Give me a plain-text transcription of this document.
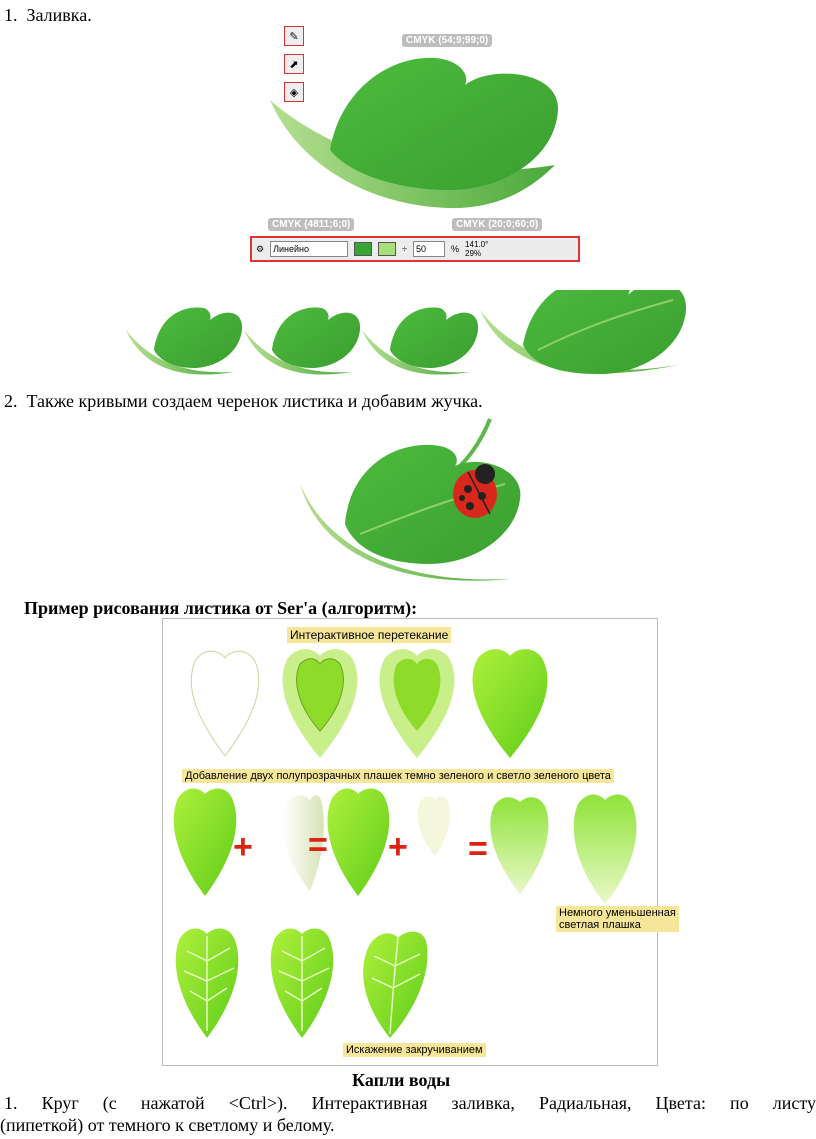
1. Заливка.
✎
⬈
◈
CMYK (54;9;99;0)
CMYK (4811;6;0)	CMYK (20;0;60;0)
⚙	Линейно	÷	50	% 141.0°
29%
2. Также кривыми создаем черенок листика и добавим жучка.
Пример рисования листика от Ser'a (алгоритм):
Интерактивное перетекание
Добавление двух полупрозрачных плашек темно зеленого и светло зеленого цвета
+ = + =
Немного уменьшенная
светлая плашка
Искажение закручиванием
Капли воды
1. Круг (с нажатой <Ctrl>). Интерактивная заливка, Радиальная, Цвета: по листу
(пипеткой) от темного к светлому и белому.
